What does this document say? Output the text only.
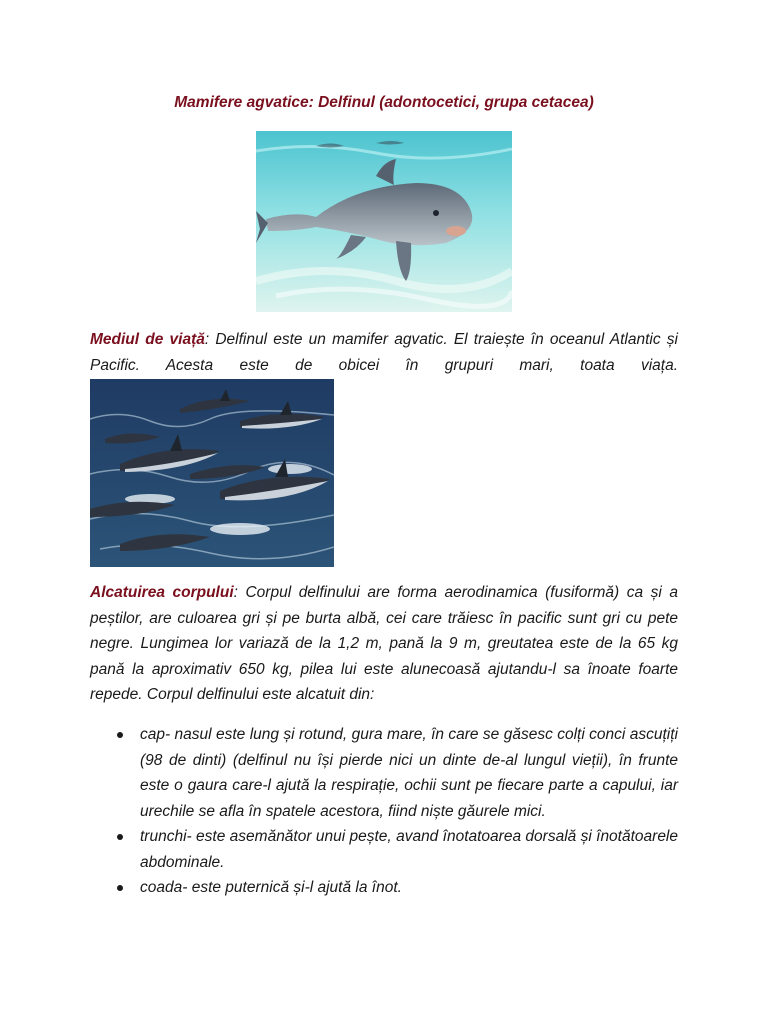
Mamifere agvatice: Delfinul (adontocetici, grupa cetacea)
Mediul de viață: Delfinul este un mamifer agvatic. El traiește în oceanul Atlantic și Pacific. Acesta este de obicei în grupuri mari, toata viața.
Alcatuirea corpului: Corpul delfinului are forma aerodinamica (fusiformă) ca și a peștilor, are culoarea gri și pe burta albă, cei care trăiesc în pacific sunt gri cu pete negre. Lungimea lor variază de la 1,2 m, pană la 9 m, greutatea este de la 65 kg pană la aproximativ 650 kg, pilea lui este alunecoasă ajutandu-l sa înoate foarte repede. Corpul delfinului este alcatuit din:
cap- nasul este lung și rotund, gura mare, în care se găsesc colți conci ascuțiți (98 de dinti) (delfinul nu își pierde nici un dinte de-al lungul vieții), în frunte este o gaura care-l ajută la respirație, ochii sunt pe fiecare parte a capului, iar urechile se afla în spatele acestora, fiind niște găurele mici.
trunchi- este asemănător unui pește, avand înotatoarea dorsală și înotătoarele abdominale.
coada- este puternică și-l ajută la înot.
